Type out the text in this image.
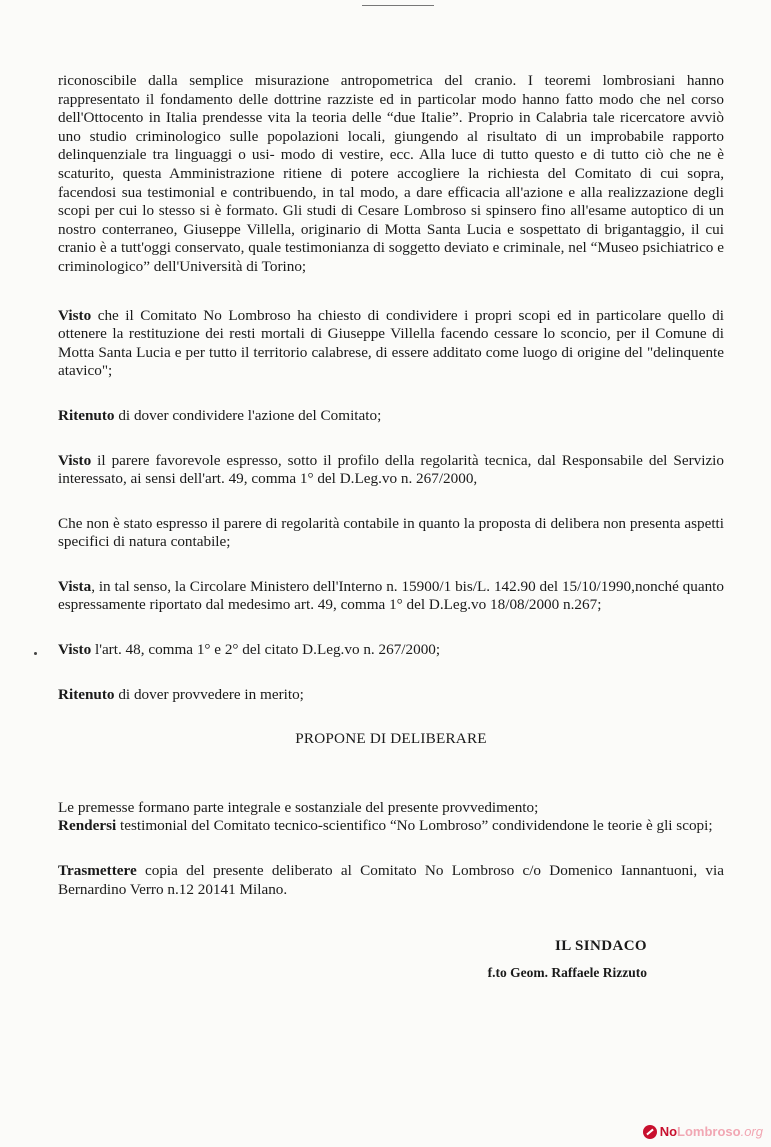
riconoscibile dalla semplice misurazione antropometrica del cranio. I teoremi lombrosiani hanno rappresentato il fondamento delle dottrine razziste ed in particolar modo hanno fatto modo che nel corso dell'Ottocento in Italia prendesse vita la teoria delle “due Italie”. Proprio in Calabria tale ricercatore avviò uno studio criminologico sulle popolazioni locali, giungendo al risultato di un improbabile rapporto delinquenziale tra linguaggi o usi- modo di vestire, ecc. Alla luce di tutto questo e di tutto ciò che ne è scaturito, questa Amministrazione ritiene di potere accogliere la richiesta del Comitato di cui sopra, facendosi sua testimonial e contribuendo, in tal modo, a dare efficacia all'azione e alla realizzazione degli scopi per cui lo stesso si è formato. Gli studi di Cesare Lombroso si spinsero fino all'esame autoptico di un nostro conterraneo, Giuseppe Villella, originario di Motta Santa Lucia e sospettato di brigantaggio, il cui cranio è a tutt'oggi conservato, quale testimonianza di soggetto deviato e criminale, nel “Museo psichiatrico e criminologico” dell'Università di Torino;

Visto che il Comitato No Lombroso ha chiesto di condividere i propri scopi ed in particolare quello di ottenere la restituzione dei resti mortali di Giuseppe Villella facendo cessare lo sconcio, per il Comune di Motta Santa Lucia e per tutto il territorio calabrese, di essere additato come luogo di origine del "delinquente atavico";

Ritenuto di dover condividere l'azione del Comitato;

Visto il parere favorevole espresso, sotto il profilo della regolarità tecnica, dal Responsabile del Servizio interessato, ai sensi dell'art. 49, comma 1° del D.Leg.vo n. 267/2000,

Che non è stato espresso il parere di regolarità contabile in quanto la proposta di delibera non presenta aspetti specifici di natura contabile;

Vista, in tal senso, la Circolare Ministero dell'Interno n. 15900/1 bis/L. 142.90 del 15/10/1990,nonché quanto espressamente riportato dal medesimo art. 49, comma 1° del D.Leg.vo 18/08/2000 n.267;

Visto l'art. 48, comma 1° e 2° del citato D.Leg.vo n. 267/2000;

Ritenuto di dover provvedere in merito;

PROPONE DI DELIBERARE

Le premesse formano parte integrale e sostanziale del presente provvedimento;

Rendersi testimonial del Comitato tecnico-scientifico “No Lombroso” condividendone le teorie è gli scopi;

Trasmettere copia del presente deliberato al Comitato No Lombroso c/o Domenico Iannantuoni, via Bernardino Verro n.12 20141 Milano.

IL SINDACO
f.to Geom. Raffaele Rizzuto
No Lombroso .org
